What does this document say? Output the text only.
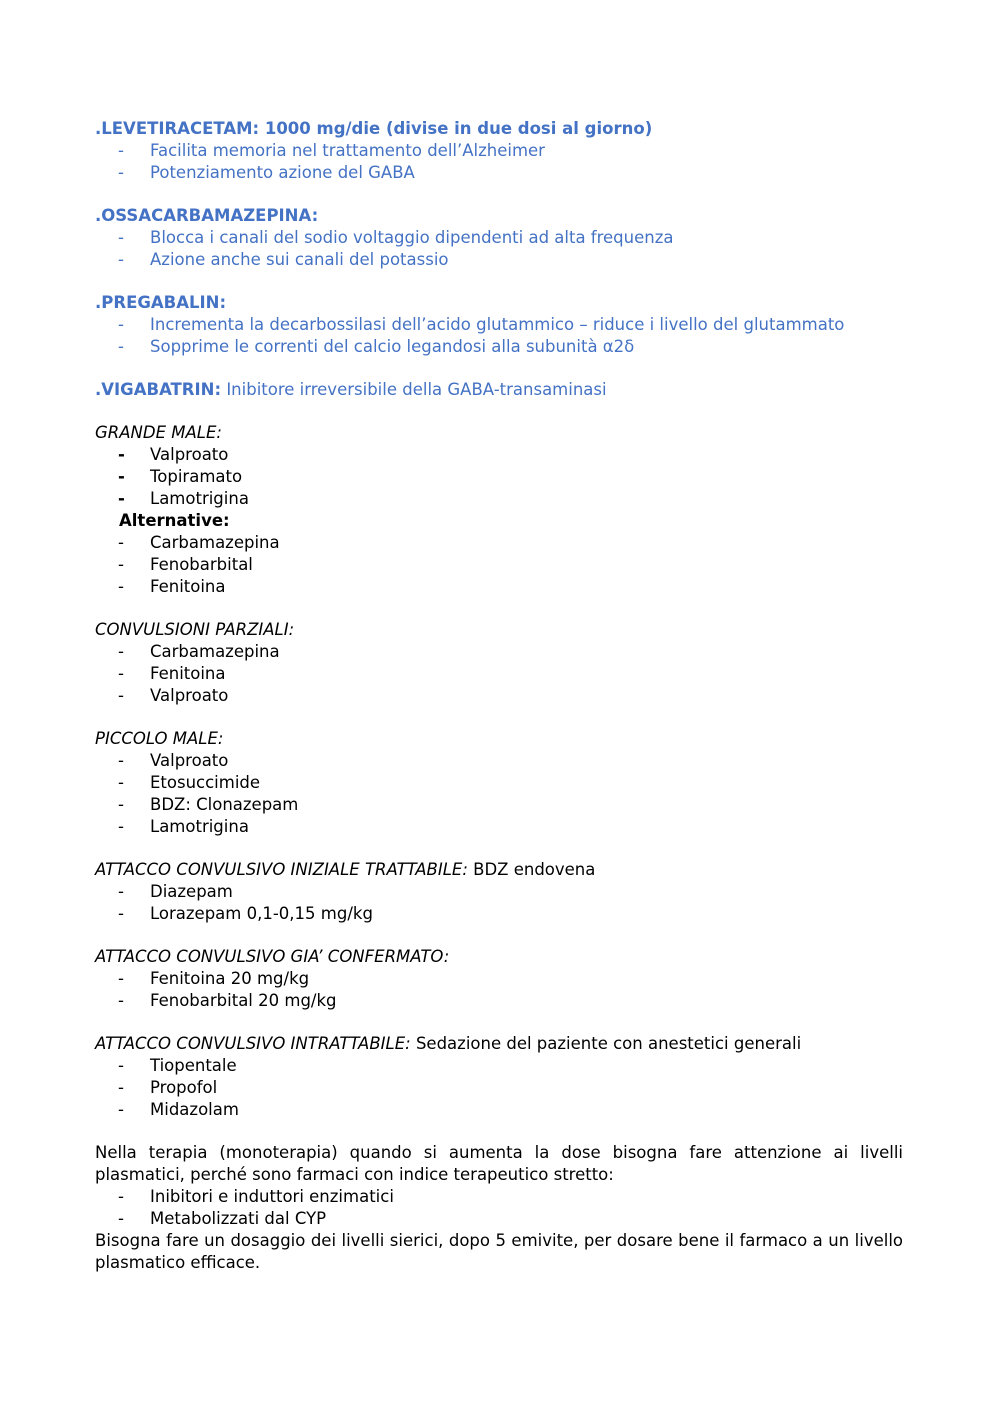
.LEVETIRACETAM: 1000 mg/die (divise in due dosi al giorno)
- Facilita memoria nel trattamento dell’Alzheimer
- Potenziamento azione del GABA
.OSSACARBAMAZEPINA:
- Blocca i canali del sodio voltaggio dipendenti ad alta frequenza
- Azione anche sui canali del potassio
.PREGABALIN:
- Incrementa la decarbossilasi dell’acido glutammico – riduce i livello del glutammato
- Sopprime le correnti del calcio legandosi alla subunità α2δ
.VIGABATRIN: Inibitore irreversibile della GABA-transaminasi
GRANDE MALE:
- Valproato
- Topiramato
- Lamotrigina
Alternative:
- Carbamazepina
- Fenobarbital
- Fenitoina
CONVULSIONI PARZIALI:
- Carbamazepina
- Fenitoina
- Valproato
PICCOLO MALE:
- Valproato
- Etosuccimide
- BDZ: Clonazepam
- Lamotrigina
ATTACCO CONVULSIVO INIZIALE TRATTABILE: BDZ endovena
- Diazepam
- Lorazepam 0,1-0,15 mg/kg
ATTACCO CONVULSIVO GIA’ CONFERMATO:
- Fenitoina 20 mg/kg
- Fenobarbital 20 mg/kg
ATTACCO CONVULSIVO INTRATTABILE: Sedazione del paziente con anestetici generali
- Tiopentale
- Propofol
- Midazolam
Nella terapia (monoterapia) quando si aumenta la dose bisogna fare attenzione ai livelli plasmatici, perché sono farmaci con indice terapeutico stretto:
- Inibitori e induttori enzimatici
- Metabolizzati dal CYP
Bisogna fare un dosaggio dei livelli sierici, dopo 5 emivite, per dosare bene il farmaco a un livello plasmatico efficace.
